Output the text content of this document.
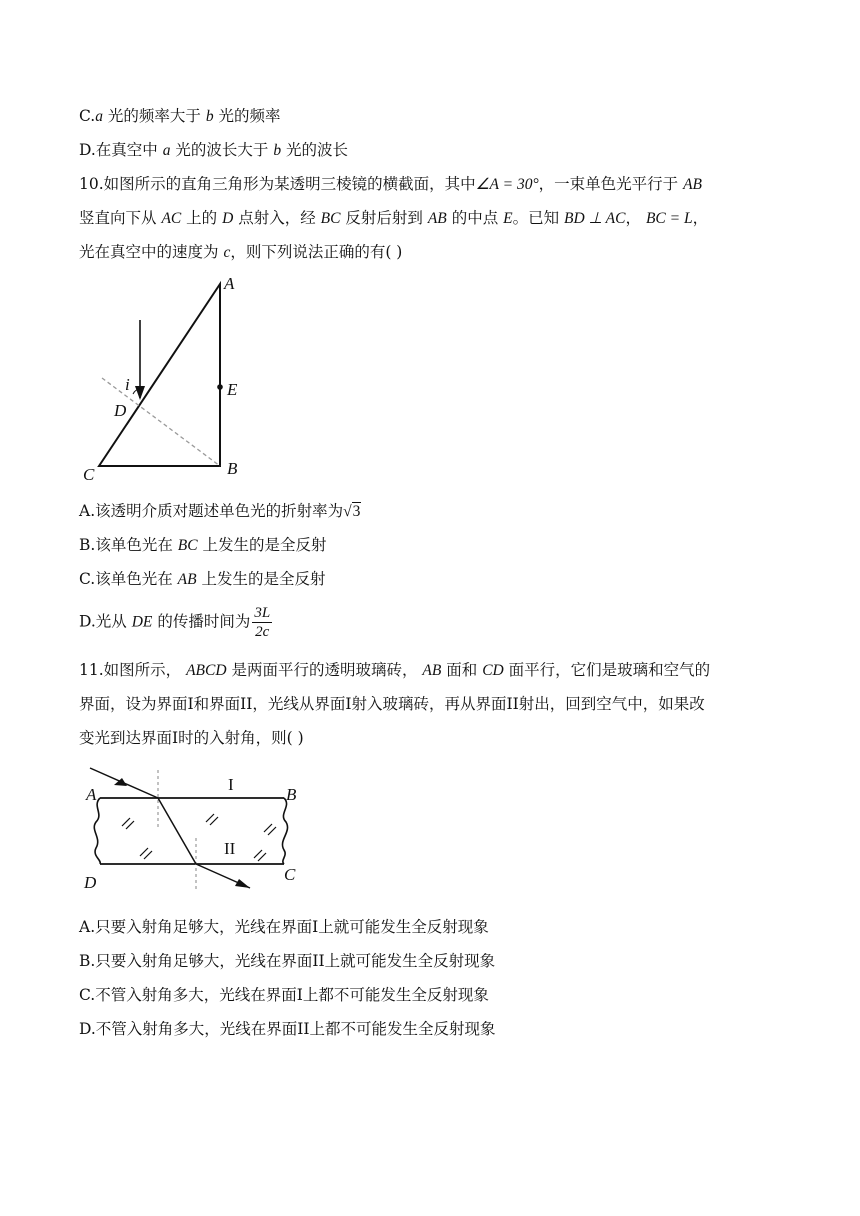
C.a 光的频率大于 b 光的频率
D.在真空中 a 光的波长大于 b 光的波长
10.如图所示的直角三角形为某透明三棱镜的横截面，其中∠A = 30°，一束单色光平行于 AB
竖直向下从 AC 上的 D 点射入，经 BC 反射后射到 AB 的中点 E。已知 BD ⊥ AC， BC = L，
光在真空中的速度为 c，则下列说法正确的有( )
A
E
B
C
D
i
A.该透明介质对题述单色光的折射率为√3
B.该单色光在 BC 上发生的是全反射
C.该单色光在 AB 上发生的是全反射
D.光从 DE 的传播时间为 $\frac{3L}{2c}$
11.如图所示， ABCD 是两面平行的透明玻璃砖， AB 面和 CD 面平行，它们是玻璃和空气的
界面，设为界面I和界面II，光线从界面I射入玻璃砖，再从界面II射出，回到空气中，如果改
变光到达界面I时的入射角，则( )
A	B
C
D
I
II
A.只要入射角足够大，光线在界面I上就可能发生全反射现象
B.只要入射角足够大，光线在界面II上就可能发生全反射现象
C.不管入射角多大，光线在界面I上都不可能发生全反射现象
D.不管入射角多大，光线在界面II上都不可能发生全反射现象
